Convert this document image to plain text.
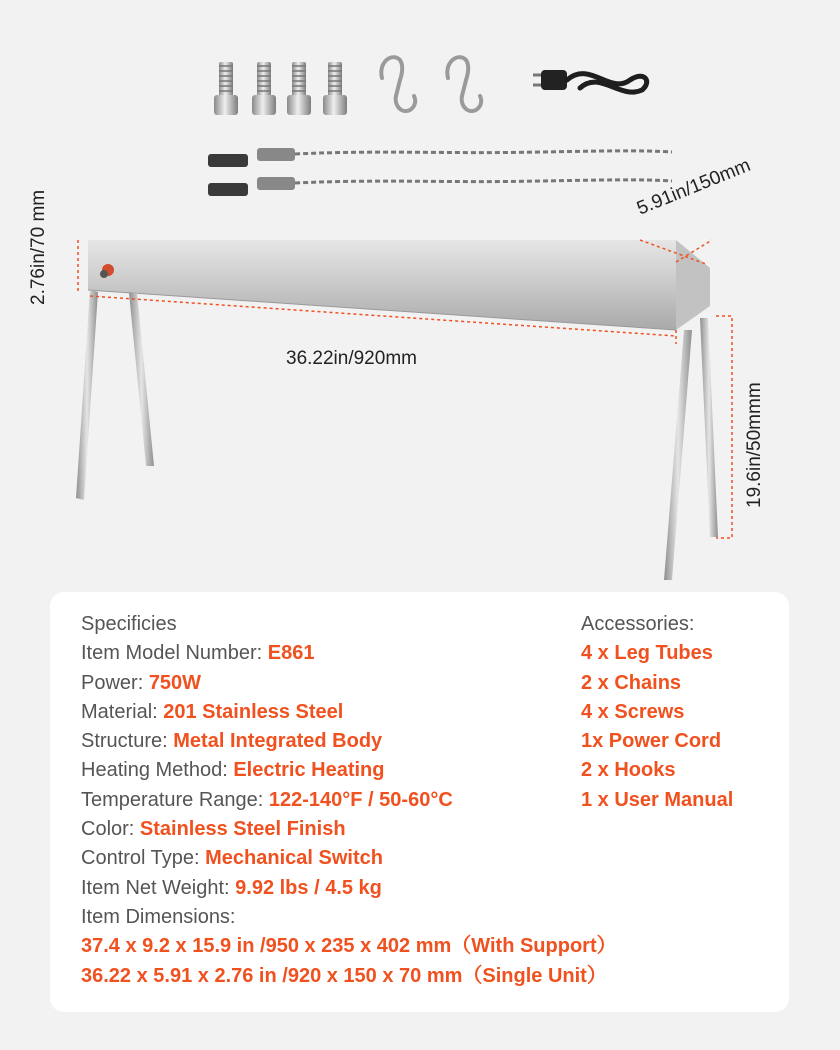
36.22in/920mm
2.76in/70 mm
5.91in/150mm
19.6in/50mmm
Specificies
Item Model Number: E861
Power: 750W
Material: 201 Stainless Steel
Structure: Metal Integrated Body
Heating Method: Electric Heating
Temperature Range: 122-140°F / 50-60°C
Color: Stainless Steel Finish
Control Type: Mechanical Switch
Item Net Weight: 9.92 lbs / 4.5 kg
Item Dimensions:
37.4 x 9.2 x 15.9 in /950 x 235 x 402 mm（With Support）
36.22 x 5.91 x 2.76 in /920 x 150 x 70 mm（Single Unit）
Accessories:
4 x Leg Tubes
2 x Chains
4 x Screws
1x Power Cord
2 x Hooks
1 x User Manual
